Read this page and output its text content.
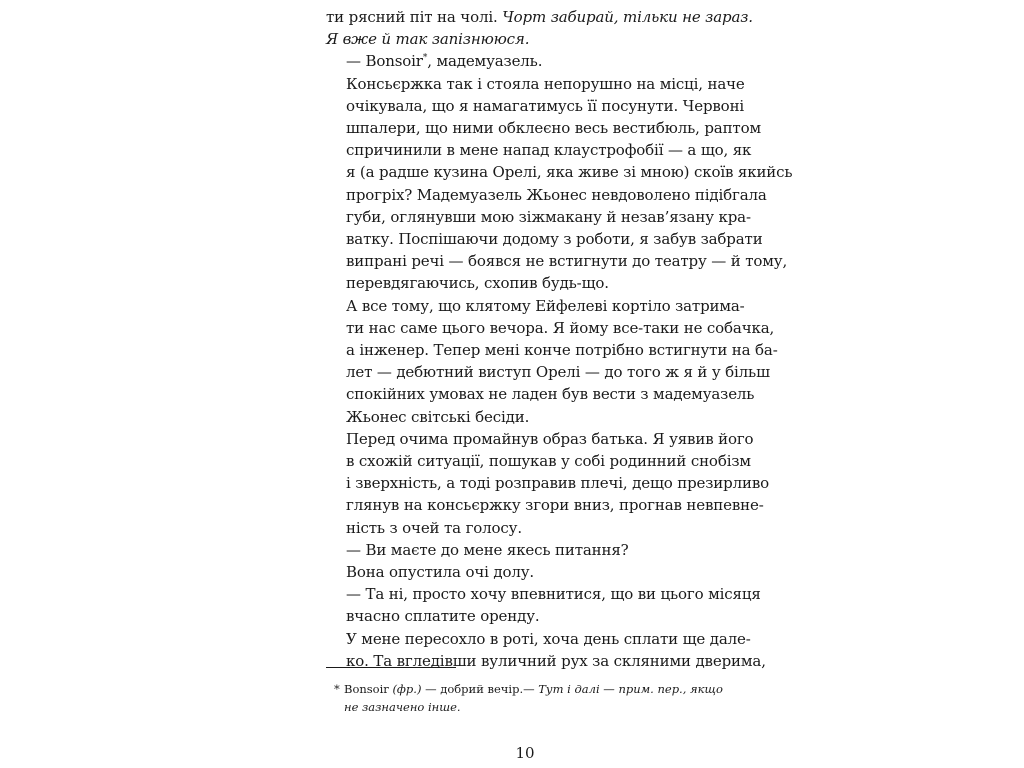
ти рясний піт на чолі. Чорт забирай, тільки не зараз.
Я вже й так запізнююся.

— Bonsoir*, мадемуазель.

Консьєржка так і стояла непорушно на місці, наче
очікувала, що я намагатимусь її посунути. Червоні
шпалери, що ними обклеєно весь вестибюль, раптом
спричинили в мене напад клаустрофобії — а що, як
я (а радше кузина Орелі, яка живе зі мною) скоїв якийсь
прогріх? Мадемуазель Жьонес невдоволено підібгала
губи, оглянувши мою зіжмакану й незав’язану кра-
ватку. Поспішаючи додому з роботи, я забув забрати
випрані речі — боявся не встигнути до театру — й тому,
перевдягаючись, схопив будь-що.

А все тому, що клятому Ейфелеві кортіло затрима-
ти нас саме цього вечора. Я йому все-таки не собачка,
а інженер. Тепер мені конче потрібно встигнути на ба-
лет — дебютний виступ Орелі — до того ж я й у більш
спокійних умовах не ладен був вести з мадемуазель
Жьонес світські бесіди.

Перед очима промайнув образ батька. Я уявив його
в схожій ситуації, пошукав у собі родинний снобізм
і зверхність, а тоді розправив плечі, дещо презирливо
глянув на консьєржку згори вниз, прогнав невпевне-
ність з очей та голосу.

— Ви маєте до мене якесь питання?

Вона опустила очі долу.

— Та ні, просто хочу впевнитися, що ви цього місяця
вчасно сплатите оренду.

У мене пересохло в роті, хоча день сплати ще дале-
ко. Та вгледівши вуличний рух за скляними дверима,

* Bonsoir (фр.) — добрий вечір.— Тут і далі — прим. пер., якщо
не зазначено інше.
10
